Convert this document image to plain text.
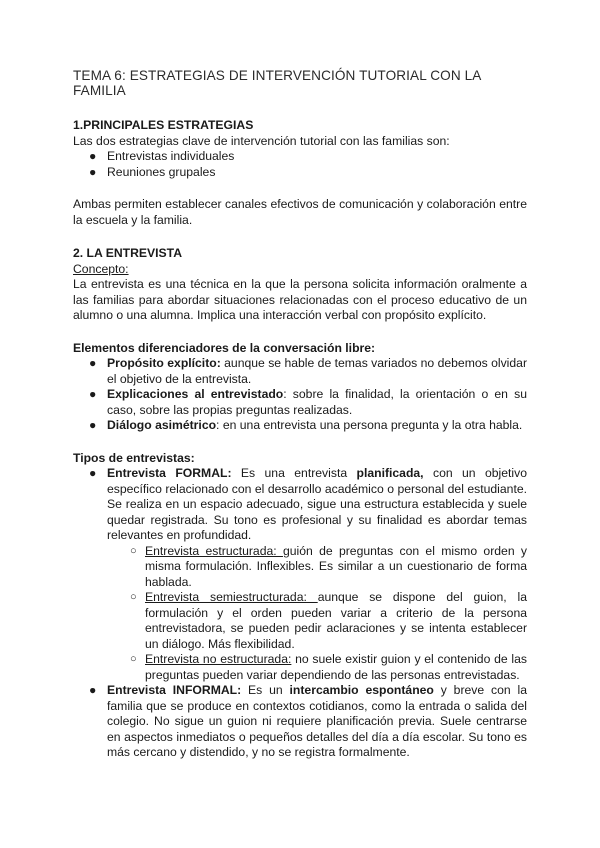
TEMA 6: ESTRATEGIAS DE INTERVENCIÓN TUTORIAL CON LA FAMILIA

1.PRINCIPALES ESTRATEGIAS

Las dos estrategias clave de intervención tutorial con las familias son:

● Entrevistas individuales
● Reuniones grupales

Ambas permiten establecer canales efectivos de comunicación y colaboración entre la escuela y la familia.

2. LA ENTREVISTA

Concepto:

La entrevista es una técnica en la que la persona solicita información oralmente a las familias para abordar situaciones relacionadas con el proceso educativo de un alumno o una alumna. Implica una interacción verbal con propósito explícito.

Elementos diferenciadores de la conversación libre:

● Propósito explícito: aunque se hable de temas variados no debemos olvidar el objetivo de la entrevista.
● Explicaciones al entrevistado: sobre la finalidad, la orientación o en su caso, sobre las propias preguntas realizadas.
● Diálogo asimétrico: en una entrevista una persona pregunta y la otra habla.

Tipos de entrevistas:

● Entrevista FORMAL: Es una entrevista planificada, con un objetivo específico relacionado con el desarrollo académico o personal del estudiante. Se realiza en un espacio adecuado, sigue una estructura establecida y suele quedar registrada. Su tono es profesional y su finalidad es abordar temas relevantes en profundidad.
○ Entrevista estructurada: guión de preguntas con el mismo orden y misma formulación. Inflexibles. Es similar a un cuestionario de forma hablada.
○ Entrevista semiestructurada: aunque se dispone del guion, la formulación y el orden pueden variar a criterio de la persona entrevistadora, se pueden pedir aclaraciones y se intenta establecer un diálogo. Más flexibilidad.
○ Entrevista no estructurada: no suele existir guion y el contenido de las preguntas pueden variar dependiendo de las personas entrevistadas.
● Entrevista INFORMAL: Es un intercambio espontáneo y breve con la familia que se produce en contextos cotidianos, como la entrada o salida del colegio. No sigue un guion ni requiere planificación previa. Suele centrarse en aspectos inmediatos o pequeños detalles del día a día escolar. Su tono es más cercano y distendido, y no se registra formalmente.
